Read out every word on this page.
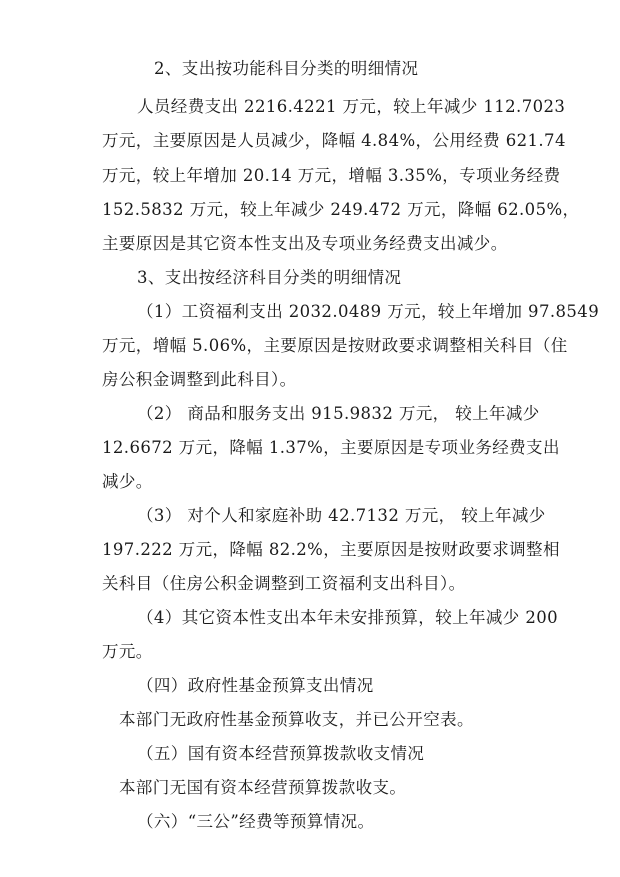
2、支出按功能科目分类的明细情况
人员经费支出 2216.4221 万元，较上年减少 112.7023
万元，主要原因是人员减少，降幅 4.84%，公用经费 621.74
万元，较上年增加 20.14 万元，增幅 3.35%，专项业务经费
152.5832 万元，较上年减少 249.472 万元，降幅 62.05%，
主要原因是其它资本性支出及专项业务经费支出减少。
3、支出按经济科目分类的明细情况
（1）工资福利支出 2032.0489 万元，较上年增加 97.8549
万元，增幅 5.06%，主要原因是按财政要求调整相关科目（住
房公积金调整到此科目）。
（2） 商品和服务支出 915.9832 万元， 较上年减少
12.6672 万元，降幅 1.37%，主要原因是专项业务经费支出
减少。
（3） 对个人和家庭补助 42.7132 万元， 较上年减少
197.222 万元，降幅 82.2%，主要原因是按财政要求调整相
关科目（住房公积金调整到工资福利支出科目）。
（4）其它资本性支出本年未安排预算，较上年减少 200
万元。
（四）政府性基金预算支出情况
本部门无政府性基金预算收支，并已公开空表。
（五）国有资本经营预算拨款收支情况
本部门无国有资本经营预算拨款收支。
（六）“三公”经费等预算情况。
